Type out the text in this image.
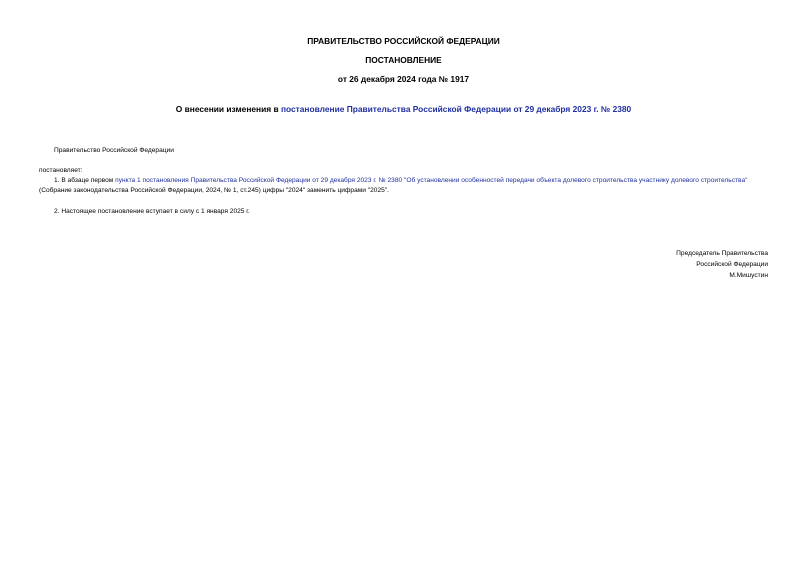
ПРАВИТЕЛЬСТВО РОССИЙСКОЙ ФЕДЕРАЦИИ
ПОСТАНОВЛЕНИЕ
от 26 декабря 2024 года № 1917
О внесении изменения в постановление Правительства Российской Федерации от 29 декабря 2023 г. № 2380
Правительство Российской Федерации
постановляет:
1. В абзаце первом пункта 1 постановления Правительства Российской Федерации от 29 декабря 2023 г. № 2380 "Об установлении особенностей передачи объекта долевого строительства участнику долевого строительства" (Собрание законодательства Российской Федерации, 2024, № 1, ст.245) цифры "2024" заменить цифрами "2025".
2. Настоящее постановление вступает в силу с 1 января 2025 г.
Председатель Правительства
Российской Федерации
М.Мишустин
